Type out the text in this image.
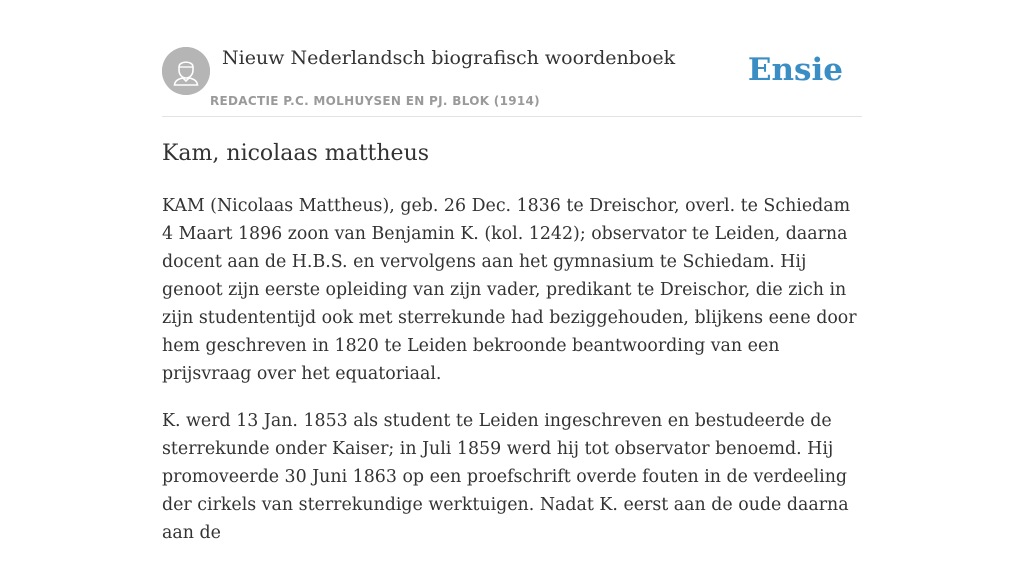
Nieuw Nederlandsch biografisch woordenboek
REDACTIE P.C. MOLHUYSEN EN PJ. BLOK (1914)
Ensie
Kam, nicolaas mattheus

KAM (Nicolaas Mattheus), geb. 26 Dec. 1836 te Dreischor, overl. te Schiedam 4 Maart 1896 zoon van Benjamin K. (kol. 1242); observator te Leiden, daarna docent aan de H.B.S. en vervolgens aan het gymnasium te Schiedam. Hij genoot zijn eerste opleiding van zijn vader, predikant te Dreischor, die zich in zijn studententijd ook met sterrekunde had beziggehouden, blijkens eene door hem geschreven in 1820 te Leiden bekroonde beantwoording van een prijsvraag over het equatoriaal.

K. werd 13 Jan. 1853 als student te Leiden ingeschreven en bestudeerde de sterrekunde onder Kaiser; in Juli 1859 werd hij tot observator benoemd. Hij promoveerde 30 Juni 1863 op een proefschrift overde fouten in de verdeeling der cirkels van sterrekundige werktuigen. Nadat K. eerst aan de oude daarna aan de
